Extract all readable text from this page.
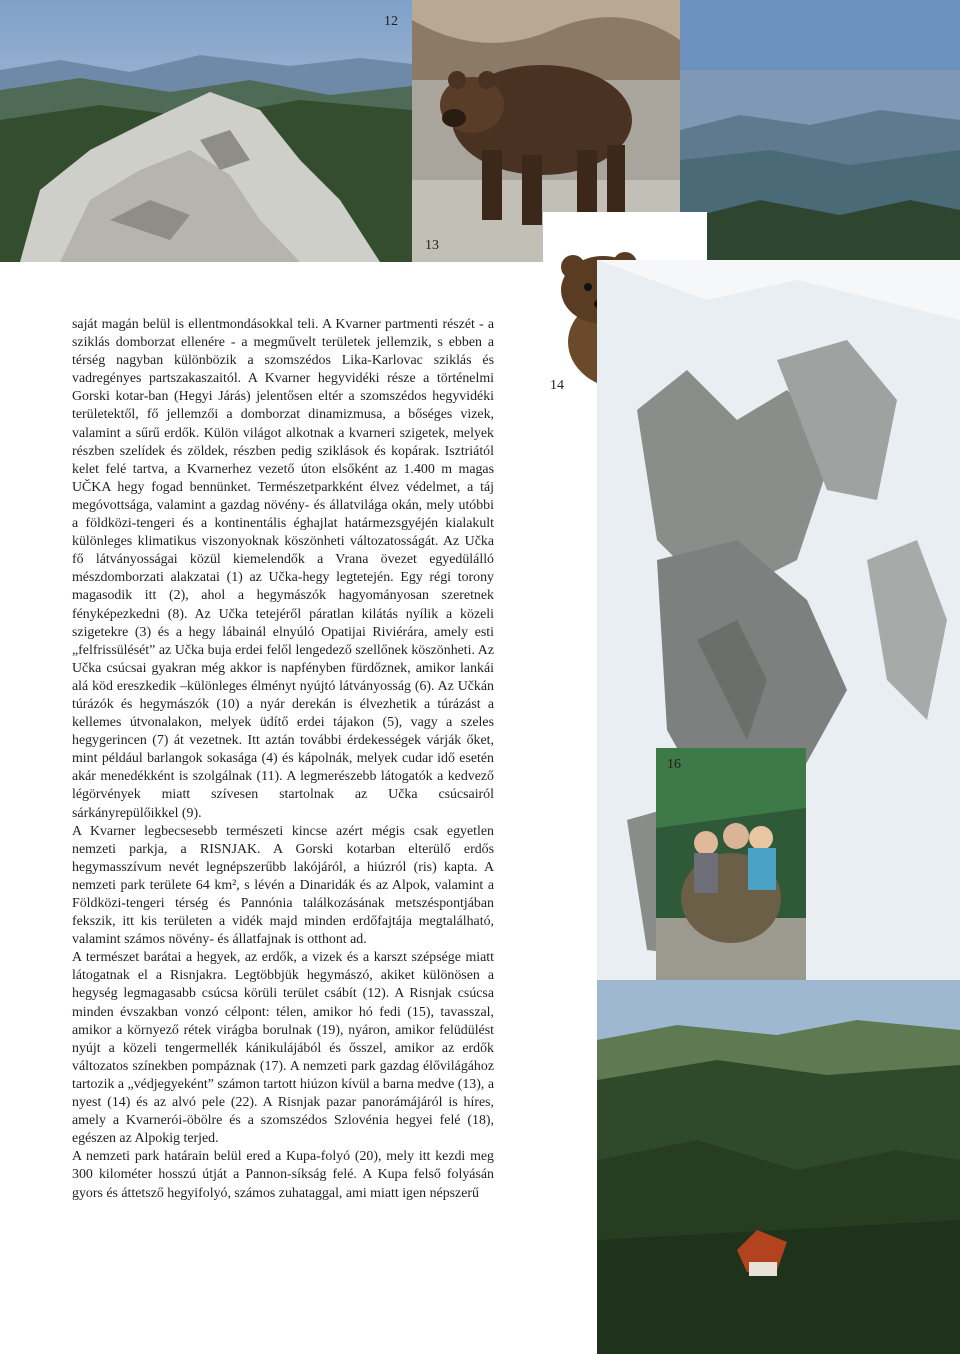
12
13
14
16

saját magán belül is ellentmondásokkal teli. A Kvarner partmenti részét - a sziklás domborzat ellenére - a megművelt területek jellemzik, s ebben a térség nagyban különbözik a szomszédos Lika-Karlovac sziklás és vadregényes partszakaszaitól. A Kvarner hegyvidéki része a történelmi Gorski kotar-ban (Hegyi Járás) jelentősen eltér a szomszédos hegyvidéki területektől, fő jellemzői a domborzat dinamizmusa, a bőséges vizek, valamint a sűrű erdők. Külön világot alkotnak a kvarneri szigetek, melyek részben szelídek és zöldek, részben pedig sziklások és kopárak. Isztriától kelet felé tartva, a Kvarnerhez vezető úton elsőként az 1.400 m magas UČKA hegy fogad bennünket. Természetparkként élvez védelmet, a táj megóvottsága, valamint a gazdag növény- és állatvilága okán, mely utóbbi a földközi-tengeri és a kontinentális éghajlat határmezsgyéjén kialakult különleges klimatikus viszonyoknak köszönheti változatosságát. Az Učka fő látványosságai közül kiemelendők a Vrana övezet egyedülálló mészdomborzati alakzatai (1) az Učka-hegy legtetején. Egy régi torony magasodik itt (2), ahol a hegymászók hagyományosan szeretnek fényképezkedni (8). Az Učka tetejéről páratlan kilátás nyílik a közeli szigetekre (3) és a hegy lábainál elnyúló Opatijai Riviérára, amely esti „felfrissülését” az Učka buja erdei felől lengedező szellőnek köszönheti. Az Učka csúcsai gyakran még akkor is napfényben fürdőznek, amikor lankái alá köd ereszkedik –különleges élményt nyújtó látványosság (6). Az Učkán túrázók és hegymászók (10) a nyár derekán is élvezhetik a túrázást a kellemes útvonalakon, melyek üdítő erdei tájakon (5), vagy a szeles hegygerincen (7) át vezetnek. Itt aztán további érdekességek várják őket, mint például barlangok sokasága (4) és kápolnák, melyek cudar idő esetén akár menedékként is szolgálnak (11). A legmerészebb látogatók a kedvező légörvények miatt szívesen startolnak az Učka csúcsairól sárkányrepülőikkel (9).

A Kvarner legbecsesebb természeti kincse azért mégis csak egyetlen nemzeti parkja, a RISNJAK. A Gorski kotarban elterülő erdős hegymasszívum nevét legnépszerűbb lakójáról, a hiúzról (ris) kapta. A nemzeti park területe 64 km², s lévén a Dinaridák és az Alpok, valamint a Földközi-tengeri térség és Pannónia találkozásának metszéspontjában fekszik, itt kis területen a vidék majd minden erdőfajtája megtalálható, valamint számos növény- és állatfajnak is otthont ad.

A természet barátai a hegyek, az erdők, a vizek és a karszt szépsége miatt látogatnak el a Risnjakra. Legtöbbjük hegymászó, akiket különösen a hegység legmagasabb csúcsa körüli terület csábít (12). A Risnjak csúcsa minden évszakban vonzó célpont: télen, amikor hó fedi (15), tavasszal, amikor a környező rétek virágba borulnak (19), nyáron, amikor felüdülést nyújt a közeli tengermellék kánikulájából és ősszel, amikor az erdők változatos színekben pompáznak (17). A nemzeti park gazdag élővilágához tartozik a „védjegyeként” számon tartott hiúzon kívül a barna medve (13), a nyest (14) és az alvó pele (22). A Risnjak pazar panorámájáról is híres, amely a Kvarnerói-öbölre és a szomszédos Szlovénia hegyei felé (18), egészen az Alpokig terjed.

A nemzeti park határain belül ered a Kupa-folyó (20), mely itt kezdi meg 300 kilométer hosszú útját a Pannon-síkság felé. A Kupa felső folyásán gyors és áttetsző hegyifolyó, számos zuhataggal, ami miatt igen népszerű
